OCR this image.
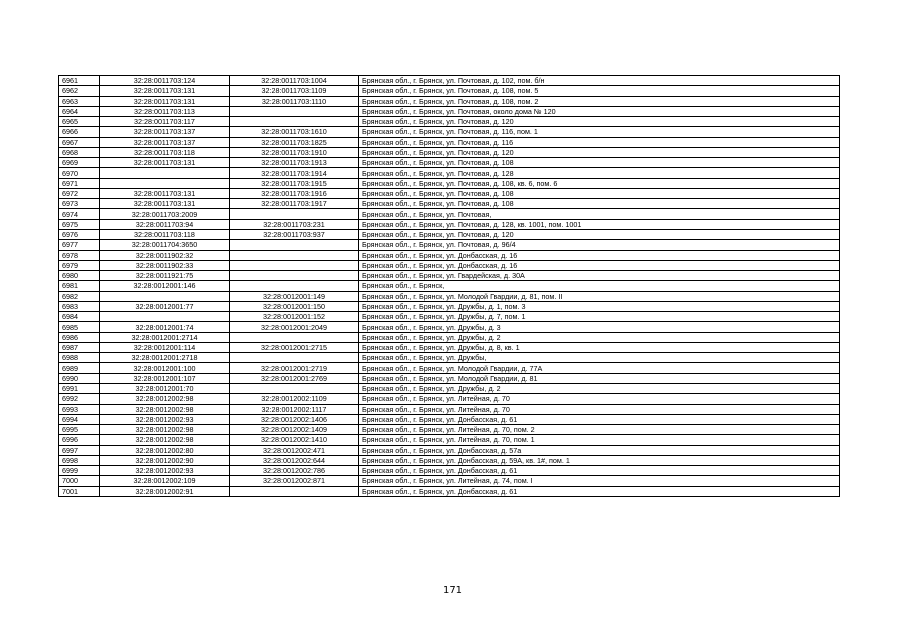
6961	32:28:0011703:124	32:28:0011703:1004	Брянская обл., г. Брянск, ул. Почтовая, д. 102, пом. б/н
6962	32:28:0011703:131	32:28:0011703:1109	Брянская обл., г. Брянск, ул. Почтовая, д. 108, пом. 5
6963	32:28:0011703:131	32:28:0011703:1110	Брянская обл., г. Брянск, ул. Почтовая, д. 108, пом. 2
6964	32:28:0011703:113		Брянская обл., г. Брянск, ул. Почтовая, около дома № 120
6965	32:28:0011703:117		Брянская обл., г. Брянск, ул. Почтовая, д. 120
6966	32:28:0011703:137	32:28:0011703:1610	Брянская обл., г. Брянск, ул. Почтовая, д. 116, пом. 1
6967	32:28:0011703:137	32:28:0011703:1825	Брянская обл., г. Брянск, ул. Почтовая, д. 116
6968	32:28:0011703:118	32:28:0011703:1910	Брянская обл., г. Брянск, ул. Почтовая, д. 120
6969	32:28:0011703:131	32:28:0011703:1913	Брянская обл., г. Брянск, ул. Почтовая, д. 108
6970		32:28:0011703:1914	Брянская обл., г. Брянск, ул. Почтовая, д. 128
6971		32:28:0011703:1915	Брянская обл., г. Брянск, ул. Почтовая, д. 108, кв. 6, пом. 6
6972	32:28:0011703:131	32:28:0011703:1916	Брянская обл., г. Брянск, ул. Почтовая, д. 108
6973	32:28:0011703:131	32:28:0011703:1917	Брянская обл., г. Брянск, ул. Почтовая, д. 108
6974	32:28:0011703:2009		Брянская обл., г. Брянск, ул. Почтовая,
6975	32:28:0011703:94	32:28:0011703:231	Брянская обл., г. Брянск, ул. Почтовая, д. 128, кв. 1001, пом. 1001
6976	32:28:0011703:118	32:28:0011703:937	Брянская обл., г. Брянск, ул. Почтовая, д. 120
6977	32:28:0011704:3650		Брянская обл., г. Брянск, ул. Почтовая, д. 96/4
6978	32:28:0011902:32		Брянская обл., г. Брянск, ул. Донбасская, д. 16
6979	32:28:0011902:33		Брянская обл., г. Брянск, ул. Донбасская, д. 16
6980	32:28:0011921:75		Брянская обл., г. Брянск, ул. Гвардейская, д. 30А
6981	32:28:0012001:146		Брянская обл., г. Брянск,
6982		32:28:0012001:149	Брянская обл., г. Брянск, ул. Молодой Гвардии, д. 81, пом. II
6983	32:28:0012001:77	32:28:0012001:150	Брянская обл., г. Брянск, ул. Дружбы, д. 1, пом. 3
6984		32:28:0012001:152	Брянская обл., г. Брянск, ул. Дружбы, д. 7, пом. 1
6985	32:28:0012001:74	32:28:0012001:2049	Брянская обл., г. Брянск, ул. Дружбы, д. 3
6986	32:28:0012001:2714		Брянская обл., г. Брянск, ул. Дружбы, д. 2
6987	32:28:0012001:114	32:28:0012001:2715	Брянская обл., г. Брянск, ул. Дружбы, д. 8, кв. 1
6988	32:28:0012001:2718		Брянская обл., г. Брянск, ул. Дружбы,
6989	32:28:0012001:100	32:28:0012001:2719	Брянская обл., г. Брянск, ул. Молодой Гвардии, д. 77А
6990	32:28:0012001:107	32:28:0012001:2769	Брянская обл., г. Брянск, ул. Молодой Гвардии, д. 81
6991	32:28:0012001:70		Брянская обл., г. Брянск, ул. Дружбы, д. 2
6992	32:28:0012002:98	32:28:0012002:1109	Брянская обл., г. Брянск, ул. Литейная, д. 70
6993	32:28:0012002:98	32:28:0012002:1117	Брянская обл., г. Брянск, ул. Литейная, д. 70
6994	32:28:0012002:93	32:28:0012002:1406	Брянская обл., г. Брянск, ул. Донбасская, д. 61
6995	32:28:0012002:98	32:28:0012002:1409	Брянская обл., г. Брянск, ул. Литейная, д. 70, пом. 2
6996	32:28:0012002:98	32:28:0012002:1410	Брянская обл., г. Брянск, ул. Литейная, д. 70, пом. 1
6997	32:28:0012002:80	32:28:0012002:471	Брянская обл., г. Брянск, ул. Донбасская, д. 57а
6998	32:28:0012002:90	32:28:0012002:644	Брянская обл., г. Брянск, ул. Донбасская, д. 59А, кв. 1#, пом. 1
6999	32:28:0012002:93	32:28:0012002:786	Брянская обл., г. Брянск, ул. Донбасская, д. 61
7000	32:28:0012002:109	32:28:0012002:871	Брянская обл., г. Брянск, ул. Литейная, д. 74, пом. I
7001	32:28:0012002:91		Брянская обл., г. Брянск, ул. Донбасская, д. 61
171
